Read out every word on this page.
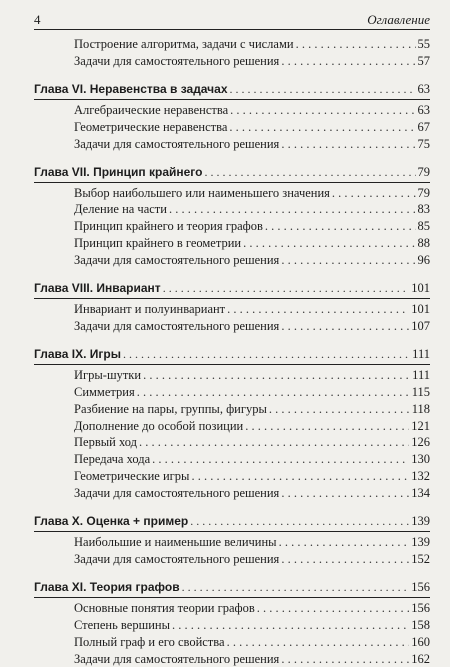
4	Оглавление
Построение алгоритма, задачи с числами . . .	55
Задачи для самостоятельного решения . . .	57
Глава VI. Неравенства в задачах . . .	63
Алгебраические неравенства . . .	63
Геометрические неравенства . . .	67
Задачи для самостоятельного решения . . .	75
Глава VII. Принцип крайнего . . .	79
Выбор наибольшего или наименьшего значения . . .	79
Деление на части . . .	83
Принцип крайнего и теория графов . . .	85
Принцип крайнего в геометрии . . .	88
Задачи для самостоятельного решения . . .	96
Глава VIII. Инвариант . . .	101
Инвариант и полуинвариант . . .	101
Задачи для самостоятельного решения . . .	107
Глава IX. Игры . . .	111
Игры-шутки . . .	111
Симметрия . . .	115
Разбиение на пары, группы, фигуры . . .	118
Дополнение до особой позиции . . .	121
Первый ход . . .	126
Передача хода . . .	130
Геометрические игры . . .	132
Задачи для самостоятельного решения . . .	134
Глава X. Оценка + пример . . .	139
Наибольшие и наименьшие величины . . .	139
Задачи для самостоятельного решения . . .	152
Глава XI. Теория графов . . .	156
Основные понятия теории графов . . .	156
Степень вершины . . .	158
Полный граф и его свойства . . .	160
Задачи для самостоятельного решения . . .	162
